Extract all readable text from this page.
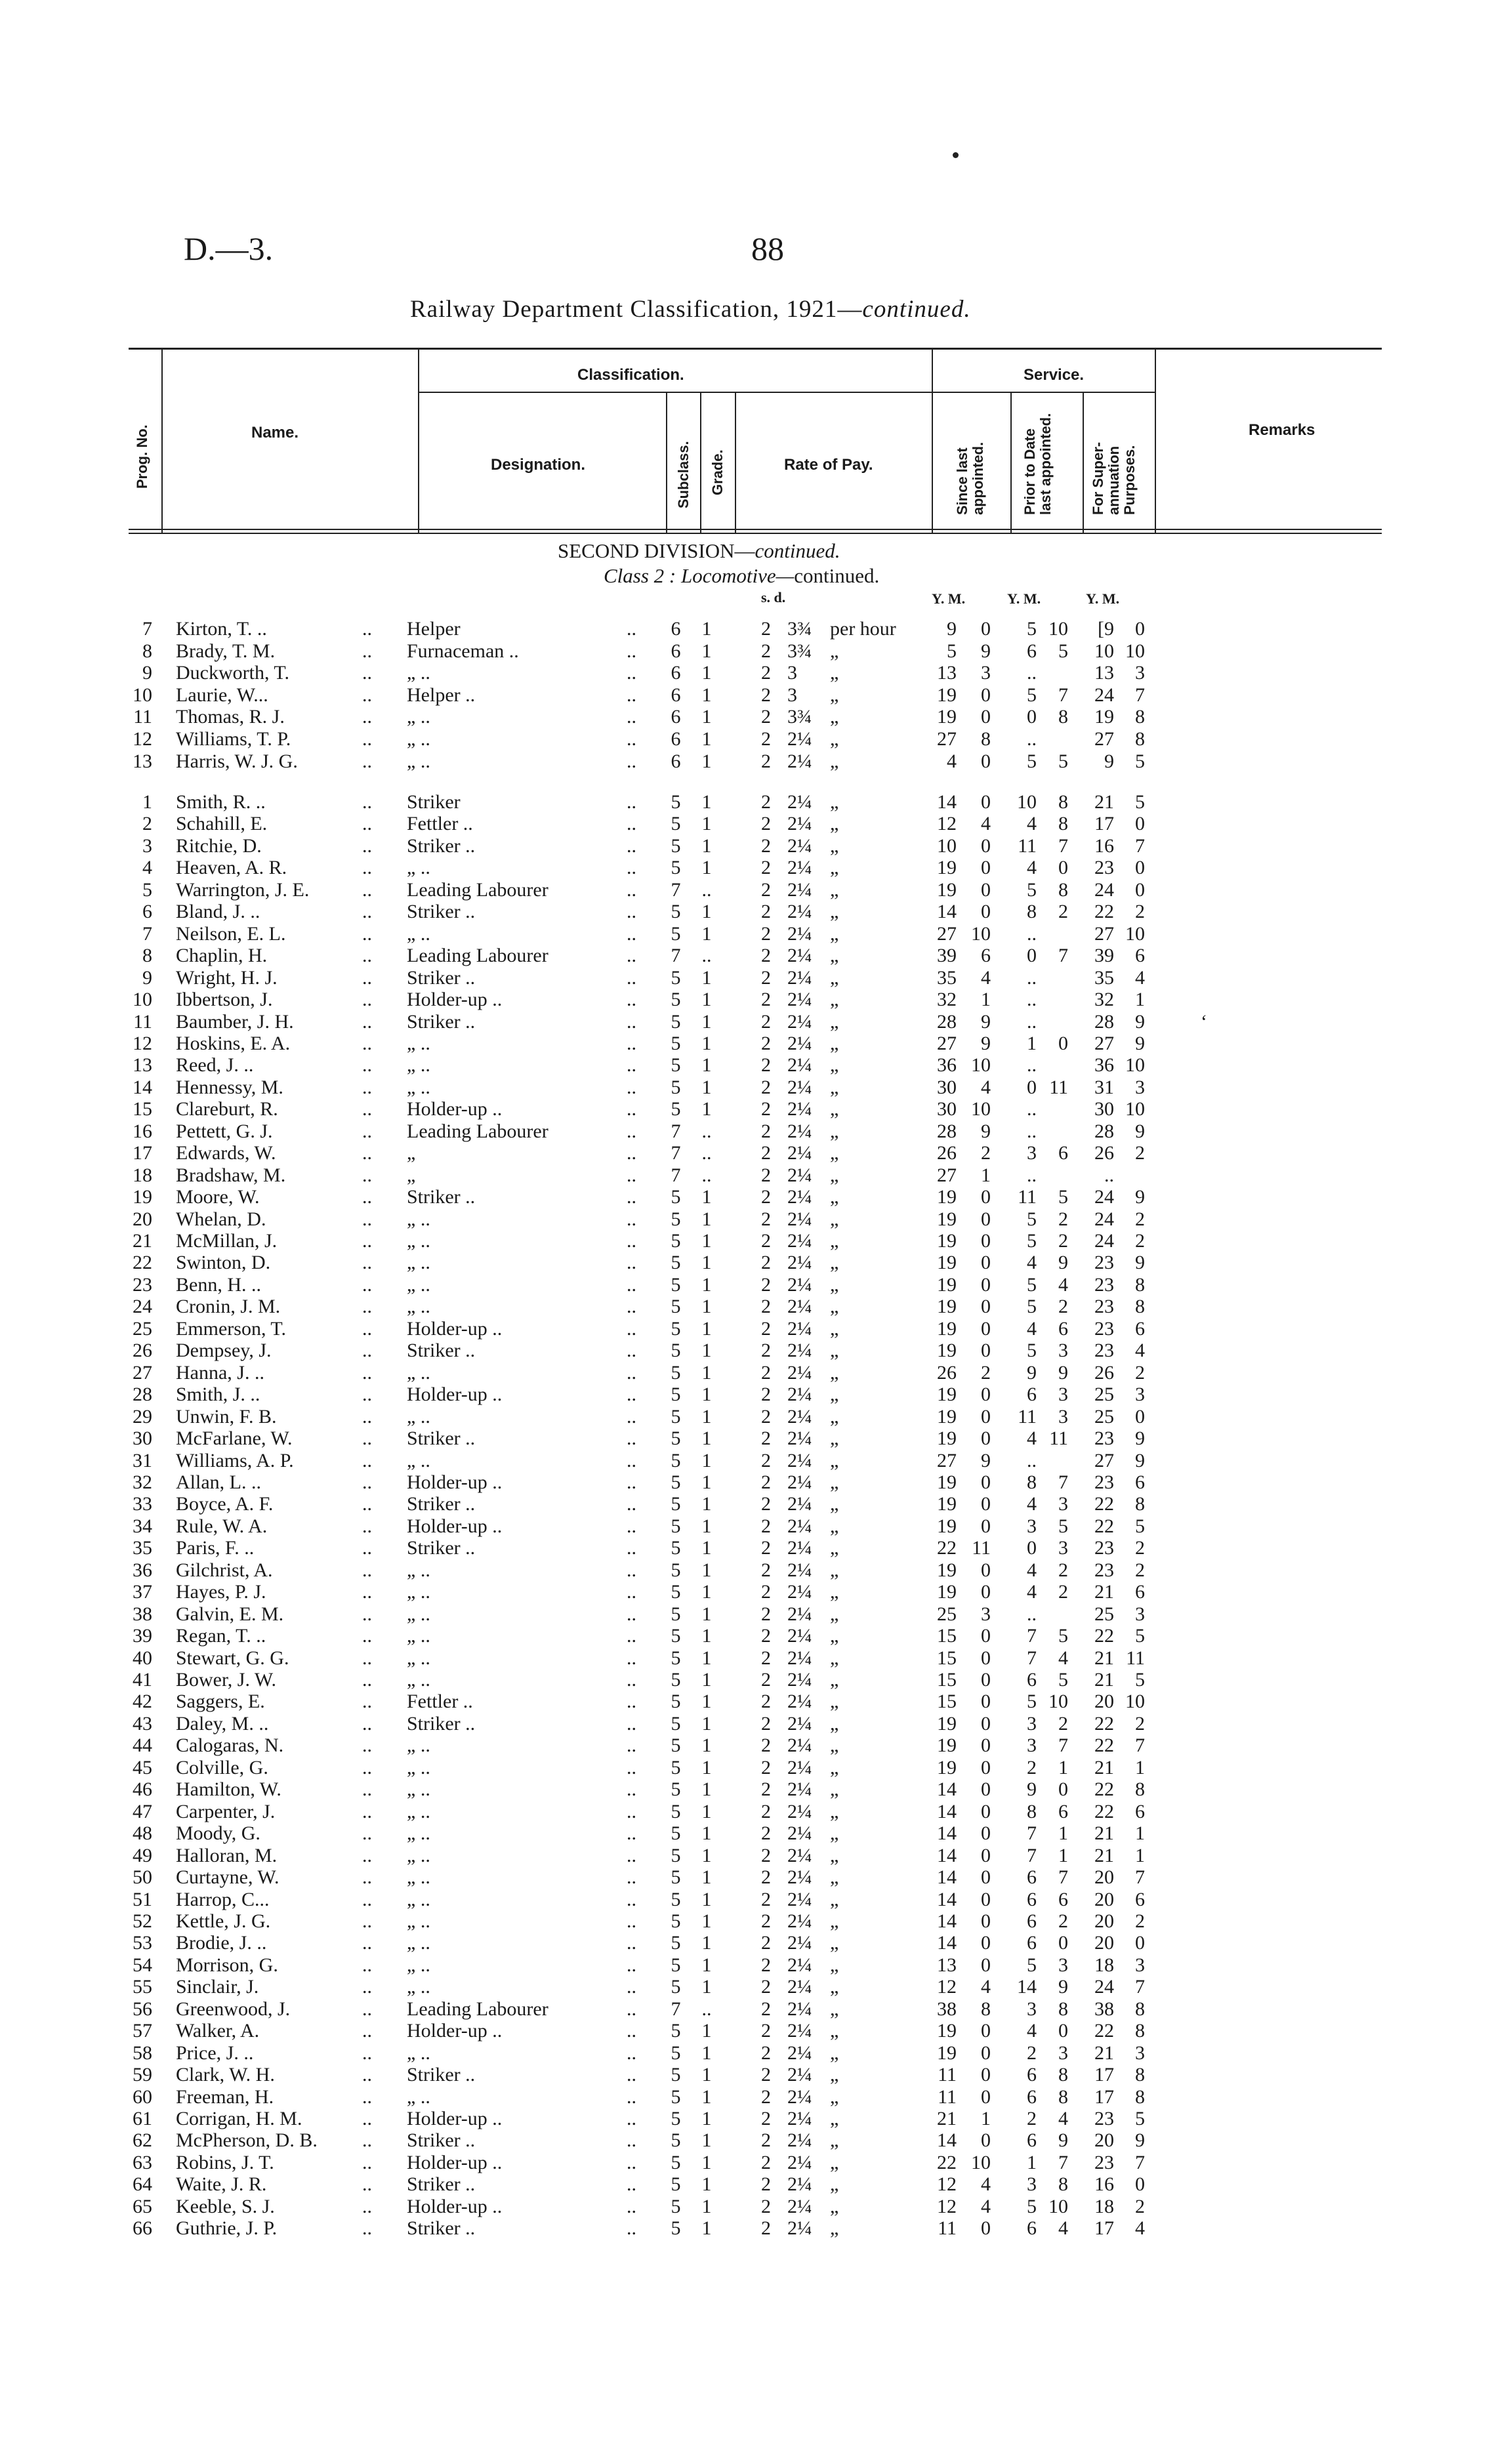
D.—3.	88
Railway Department Classification, 1921—continued.
Prog. No.	Name.
Classification.
Designation.	Subclass. Grade.	Rate of Pay.
Service.
Since last appointed. Prior to Date last appointed.	For Super-annuation Purposes.
Remarks
SECOND DIVISION—continued.
Class 2 : Locomotive—continued.
s. d.	Y. M.	Y. M.	Y. M.
7 Kirton, T. ..	.. Helper	..	6	1	2 3¾ per hour	9	0	5 10	[9	0
8 Brady, T. M.	.. Furnaceman ..	..	6	1	2 3¾ „	5	9	6	5	10 10
9 Duckworth, T.	.. „ ..	..	6	1	2 3 „	13	3	..	13	3
10 Laurie, W...	.. Helper ..	..	6	1	2 3 „	19	0	5	7	24	7
11 Thomas, R. J.	.. „ ..	..	6	1	2 3¾ „	19	0	0	8	19	8
12 Williams, T. P.	.. „ ..	..	6	1	2 2¼ „	27	8	..	27	8
13 Harris, W. J. G.	.. „ ..	..	6	1	2 2¼ „	4	0	5	5	9	5
1 Smith, R. ..	.. Striker	..	5	1	2 2¼ „	14	0	10	8	21	5
2 Schahill, E.	.. Fettler ..	..	5	1	2 2¼ „	12	4	4	8	17	0
3 Ritchie, D.	.. Striker ..	..	5	1	2 2¼ „	10	0	11	7	16	7
4 Heaven, A. R.	.. „ ..	..	5	1	2 2¼ „	19	0	4	0	23	0
5 Warrington, J. E.	.. Leading Labourer	..	7	..	2 2¼ „	19	0	5	8	24	0
6 Bland, J. ..	.. Striker ..	..	5	1	2 2¼ „	14	0	8	2	22	2
7 Neilson, E. L.	.. „ ..	..	5	1	2 2¼ „	27 10	..	27 10
8 Chaplin, H.	.. Leading Labourer	..	7	..	2 2¼ „	39	6	0	7	39	6
9 Wright, H. J.	.. Striker ..	..	5	1	2 2¼ „	35	4	..	35	4
10 Ibbertson, J.	.. Holder-up ..	..	5	1	2 2¼ „	32	1	..	32	1
11 Baumber, J. H.	.. Striker ..	..	5	1	2 2¼ „	28	9	..	28	9	‘
12 Hoskins, E. A.	.. „ ..	..	5	1	2 2¼ „	27	9	1	0	27	9
13 Reed, J. ..	.. „ ..	..	5	1	2 2¼ „	36 10	..	36 10
14 Hennessy, M.	.. „ ..	..	5	1	2 2¼ „	30	4	0 11	31	3
15 Clareburt, R.	.. Holder-up ..	..	5	1	2 2¼ „	30 10	..	30 10
16 Pettett, G. J.	.. Leading Labourer	..	7	..	2 2¼ „	28	9	..	28	9
17 Edwards, W.	.. „	..	7	..	2 2¼ „	26	2	3	6	26	2
18 Bradshaw, M.	.. „	..	7	..	2 2¼ „	27	1	..	..
19 Moore, W.	.. Striker ..	..	5	1	2 2¼ „	19	0	11	5	24	9
20 Whelan, D.	.. „ ..	..	5	1	2 2¼ „	19	0	5	2	24	2
21 McMillan, J.	.. „ ..	..	5	1	2 2¼ „	19	0	5	2	24	2
22 Swinton, D.	.. „ ..	..	5	1	2 2¼ „	19	0	4	9	23	9
23 Benn, H. ..	.. „ ..	..	5	1	2 2¼ „	19	0	5	4	23	8
24 Cronin, J. M.	.. „ ..	..	5	1	2 2¼ „	19	0	5	2	23	8
25 Emmerson, T.	.. Holder-up ..	..	5	1	2 2¼ „	19	0	4	6	23	6
26 Dempsey, J.	.. Striker ..	..	5	1	2 2¼ „	19	0	5	3	23	4
27 Hanna, J. ..	.. „ ..	..	5	1	2 2¼ „	26	2	9	9	26	2
28 Smith, J. ..	.. Holder-up ..	..	5	1	2 2¼ „	19	0	6	3	25	3
29 Unwin, F. B.	.. „ ..	..	5	1	2 2¼ „	19	0	11	3	25	0
30 McFarlane, W.	.. Striker ..	..	5	1	2 2¼ „	19	0	4 11	23	9
31 Williams, A. P.	.. „ ..	..	5	1	2 2¼ „	27	9	..	27	9
32 Allan, L. ..	.. Holder-up ..	..	5	1	2 2¼ „	19	0	8	7	23	6
33 Boyce, A. F.	.. Striker ..	..	5	1	2 2¼ „	19	0	4	3	22	8
34 Rule, W. A.	.. Holder-up ..	..	5	1	2 2¼ „	19	0	3	5	22	5
35 Paris, F. ..	.. Striker ..	..	5	1	2 2¼ „	22 11	0	3	23	2
36 Gilchrist, A.	.. „ ..	..	5	1	2 2¼ „	19	0	4	2	23	2
37 Hayes, P. J.	.. „ ..	..	5	1	2 2¼ „	19	0	4	2	21	6
38 Galvin, E. M.	.. „ ..	..	5	1	2 2¼ „	25	3	..	25	3
39 Regan, T. ..	.. „ ..	..	5	1	2 2¼ „	15	0	7	5	22	5
40 Stewart, G. G.	.. „ ..	..	5	1	2 2¼ „	15	0	7	4	21 11
41 Bower, J. W.	.. „ ..	..	5	1	2 2¼ „	15	0	6	5	21	5
42 Saggers, E.	.. Fettler ..	..	5	1	2 2¼ „	15	0	5 10	20 10
43 Daley, M. ..	.. Striker ..	..	5	1	2 2¼ „	19	0	3	2	22	2
44 Calogaras, N.	.. „ ..	..	5	1	2 2¼ „	19	0	3	7	22	7
45 Colville, G.	.. „ ..	..	5	1	2 2¼ „	19	0	2	1	21	1
46 Hamilton, W.	.. „ ..	..	5	1	2 2¼ „	14	0	9	0	22	8
47 Carpenter, J.	.. „ ..	..	5	1	2 2¼ „	14	0	8	6	22	6
48 Moody, G.	.. „ ..	..	5	1	2 2¼ „	14	0	7	1	21	1
49 Halloran, M.	.. „ ..	..	5	1	2 2¼ „	14	0	7	1	21	1
50 Curtayne, W.	.. „ ..	..	5	1	2 2¼ „	14	0	6	7	20	7
51 Harrop, C...	.. „ ..	..	5	1	2 2¼ „	14	0	6	6	20	6
52 Kettle, J. G.	.. „ ..	..	5	1	2 2¼ „	14	0	6	2	20	2
53 Brodie, J. ..	.. „ ..	..	5	1	2 2¼ „	14	0	6	0	20	0
54 Morrison, G.	.. „ ..	..	5	1	2 2¼ „	13	0	5	3	18	3
55 Sinclair, J.	.. „ ..	..	5	1	2 2¼ „	12	4	14	9	24	7
56 Greenwood, J.	.. Leading Labourer	..	7	..	2 2¼ „	38	8	3	8	38	8
57 Walker, A.	.. Holder-up ..	..	5	1	2 2¼ „	19	0	4	0	22	8
58 Price, J. ..	.. „ ..	..	5	1	2 2¼ „	19	0	2	3	21	3
59 Clark, W. H.	.. Striker ..	..	5	1	2 2¼ „	11	0	6	8	17	8
60 Freeman, H.	.. „ ..	..	5	1	2 2¼ „	11	0	6	8	17	8
61 Corrigan, H. M.	.. Holder-up ..	..	5	1	2 2¼ „	21	1	2	4	23	5
62 McPherson, D. B. .. Striker ..	..	5	1	2 2¼ „	14	0	6	9	20	9
63 Robins, J. T.	.. Holder-up ..	..	5	1	2 2¼ „	22 10	1	7	23	7
64 Waite, J. R.	.. Striker ..	..	5	1	2 2¼ „	12	4	3	8	16	0
65 Keeble, S. J.	.. Holder-up ..	..	5	1	2 2¼ „	12	4	5 10	18	2
66 Guthrie, J. P.	.. Striker ..	..	5	1	2 2¼ „	11	0	6	4	17	4
